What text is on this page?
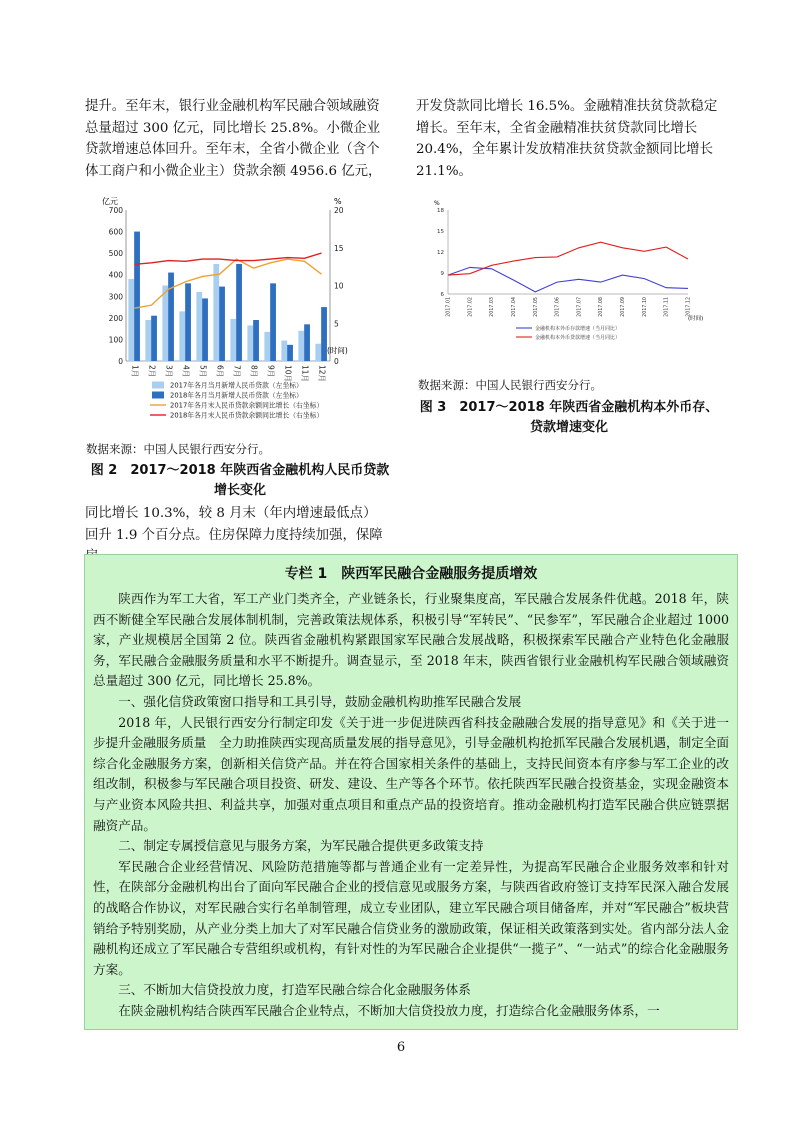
提升。至年末，银行业金融机构军民融合领域融资总量超过 300 亿元，同比增长 25.8%。小微企业贷款增速总体回升。至年末，全省小微企业（含个体工商户和小微企业主）贷款余额 4956.6 亿元，

开发贷款同比增长 16.5%。金融精准扶贫贷款稳定增长。至年末，全省金融精准扶贫贷款同比增长 20.4%，全年累计发放精准扶贫贷款金额同比增长 21.1%。

亿元	%
(时间)
0
100
200
300
400
500
600
700
0
5
10
15
20
1月 2月 3月 4月 5月 6月 7月 8月 9月 10月 11月 12月
2017年各月当月新增人民币贷款（左坐标）
2018年各月当月新增人民币贷款（左坐标）
2017年各月末人民币贷款余额同比增长（右坐标）
2018年各月末人民币贷款余额同比增长（右坐标）
数据来源：中国人民银行西安分行。
图 2　2017～2018 年陕西省金融机构人民币贷款
增长变化

同比增长 10.3%，较 8 月末（年内增速最低点）回升 1.9 个百分点。住房保障力度持续加强，保障

%
(时间)
6
9
12
15
18
2017.01	2017.02	2017.03	2017.04	2017.05	2017.06	2017.07	2017.08	2017.09	2017.10	2017.11	2017.12
金融机构本外币存款增速（当月同比）
金融机构本外币贷款增速（当月同比）
数据来源：中国人民银行西安分行。
图 3　2017～2018 年陕西省金融机构本外币存、
贷款增速变化
专栏 1　陕西军民融合金融服务提质增效

陕西作为军工大省，军工产业门类齐全，产业链条长，行业聚集度高，军民融合发展条件优越。2018 年，陕西不断健全军民融合发展体制机制，完善政策法规体系，积极引导“军转民”、“民参军”，军民融合企业超过 1000 家，产业规模居全国第 2 位。陕西省金融机构紧跟国家军民融合发展战略，积极探索军民融合产业特色化金融服务，军民融合金融服务质量和水平不断提升。调查显示，至 2018 年末，陕西省银行业金融机构军民融合领域融资总量超过 300 亿元，同比增长 25.8%。

一、强化信贷政策窗口指导和工具引导，鼓励金融机构助推军民融合发展

2018 年，人民银行西安分行制定印发《关于进一步促进陕西省科技金融融合发展的指导意见》和《关于进一步提升金融服务质量　全力助推陕西实现高质量发展的指导意见》，引导金融机构抢抓军民融合发展机遇，制定全面综合化金融服务方案，创新相关信贷产品。并在符合国家相关条件的基础上，支持民间资本有序参与军工企业的改组改制，积极参与军民融合项目投资、研发、建设、生产等各个环节。依托陕西军民融合投资基金，实现金融资本与产业资本风险共担、利益共享，加强对重点项目和重点产品的投资培育。推动金融机构打造军民融合供应链票据融资产品。

二、制定专属授信意见与服务方案，为军民融合提供更多政策支持

军民融合企业经营情况、风险防范措施等都与普通企业有一定差异性，为提高军民融合企业服务效率和针对性，在陕部分金融机构出台了面向军民融合企业的授信意见或服务方案，与陕西省政府签订支持军民深入融合发展的战略合作协议，对军民融合实行名单制管理，成立专业团队，建立军民融合项目储备库，并对“军民融合”板块营销给予特别奖励，从产业分类上加大了对军民融合信贷业务的激励政策，保证相关政策落到实处。省内部分法人金融机构还成立了军民融合专营组织或机构，有针对性的为军民融合企业提供“一揽子”、“一站式”的综合化金融服务方案。

三、不断加大信贷投放力度，打造军民融合综合化金融服务体系

在陕金融机构结合陕西军民融合企业特点，不断加大信贷投放力度，打造综合化金融服务体系，一

6
